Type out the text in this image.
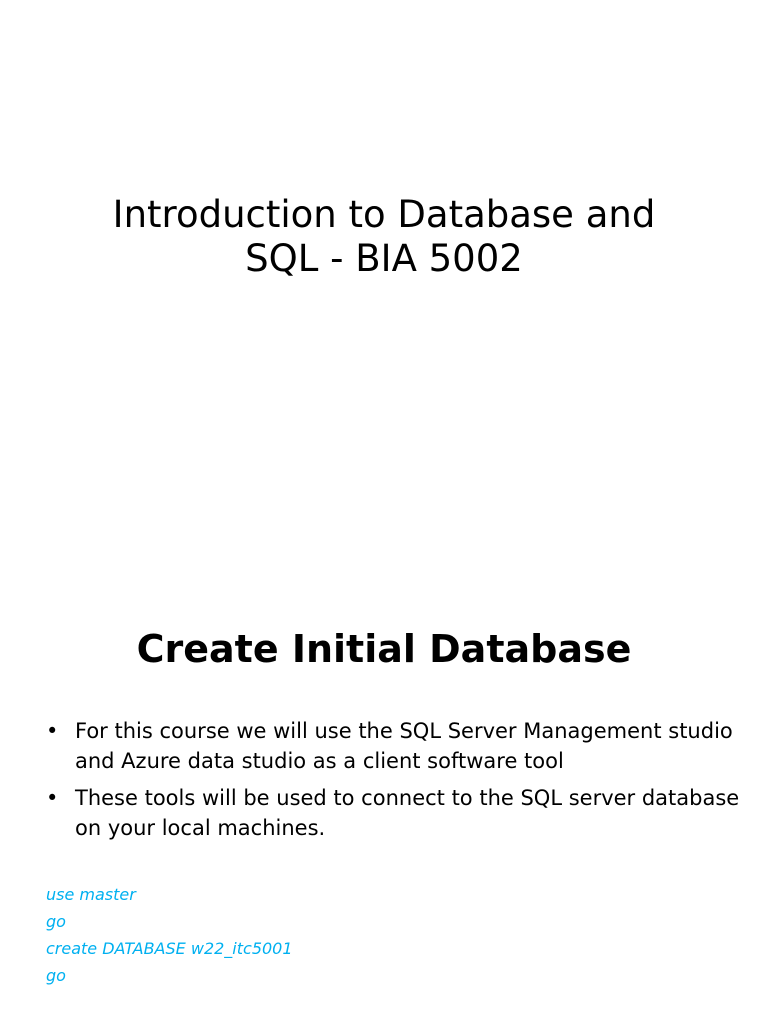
Introduction to Database and
SQL - BIA 5002
Create Initial Database
• For this course we will use the SQL Server Management studio and Azure data studio as a client software tool
• These tools will be used to connect to the SQL server database on your local machines.
use master
go
create DATABASE w22_itc5001
go
